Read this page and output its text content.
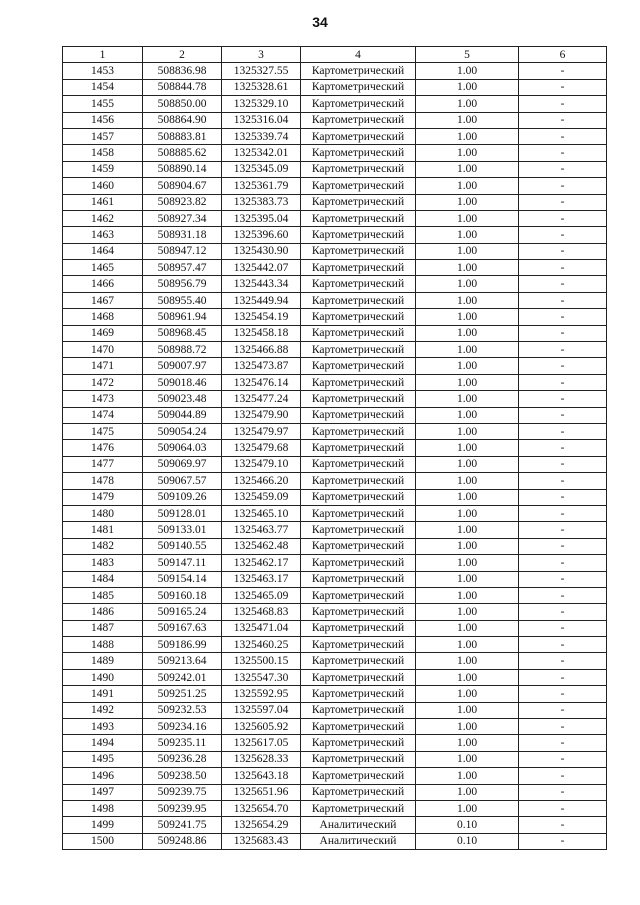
34
1	2	3	4	5	6
1453	508836.98	1325327.55	Картометрический	1.00	-
1454	508844.78	1325328.61	Картометрический	1.00	-
1455	508850.00	1325329.10	Картометрический	1.00	-
1456	508864.90	1325316.04	Картометрический	1.00	-
1457	508883.81	1325339.74	Картометрический	1.00	-
1458	508885.62	1325342.01	Картометрический	1.00	-
1459	508890.14	1325345.09	Картометрический	1.00	-
1460	508904.67	1325361.79	Картометрический	1.00	-
1461	508923.82	1325383.73	Картометрический	1.00	-
1462	508927.34	1325395.04	Картометрический	1.00	-
1463	508931.18	1325396.60	Картометрический	1.00	-
1464	508947.12	1325430.90	Картометрический	1.00	-
1465	508957.47	1325442.07	Картометрический	1.00	-
1466	508956.79	1325443.34	Картометрический	1.00	-
1467	508955.40	1325449.94	Картометрический	1.00	-
1468	508961.94	1325454.19	Картометрический	1.00	-
1469	508968.45	1325458.18	Картометрический	1.00	-
1470	508988.72	1325466.88	Картометрический	1.00	-
1471	509007.97	1325473.87	Картометрический	1.00	-
1472	509018.46	1325476.14	Картометрический	1.00	-
1473	509023.48	1325477.24	Картометрический	1.00	-
1474	509044.89	1325479.90	Картометрический	1.00	-
1475	509054.24	1325479.97	Картометрический	1.00	-
1476	509064.03	1325479.68	Картометрический	1.00	-
1477	509069.97	1325479.10	Картометрический	1.00	-
1478	509067.57	1325466.20	Картометрический	1.00	-
1479	509109.26	1325459.09	Картометрический	1.00	-
1480	509128.01	1325465.10	Картометрический	1.00	-
1481	509133.01	1325463.77	Картометрический	1.00	-
1482	509140.55	1325462.48	Картометрический	1.00	-
1483	509147.11	1325462.17	Картометрический	1.00	-
1484	509154.14	1325463.17	Картометрический	1.00	-
1485	509160.18	1325465.09	Картометрический	1.00	-
1486	509165.24	1325468.83	Картометрический	1.00	-
1487	509167.63	1325471.04	Картометрический	1.00	-
1488	509186.99	1325460.25	Картометрический	1.00	-
1489	509213.64	1325500.15	Картометрический	1.00	-
1490	509242.01	1325547.30	Картометрический	1.00	-
1491	509251.25	1325592.95	Картометрический	1.00	-
1492	509232.53	1325597.04	Картометрический	1.00	-
1493	509234.16	1325605.92	Картометрический	1.00	-
1494	509235.11	1325617.05	Картометрический	1.00	-
1495	509236.28	1325628.33	Картометрический	1.00	-
1496	509238.50	1325643.18	Картометрический	1.00	-
1497	509239.75	1325651.96	Картометрический	1.00	-
1498	509239.95	1325654.70	Картометрический	1.00	-
1499	509241.75	1325654.29	Аналитический	0.10	-
1500	509248.86	1325683.43	Аналитический	0.10	-
